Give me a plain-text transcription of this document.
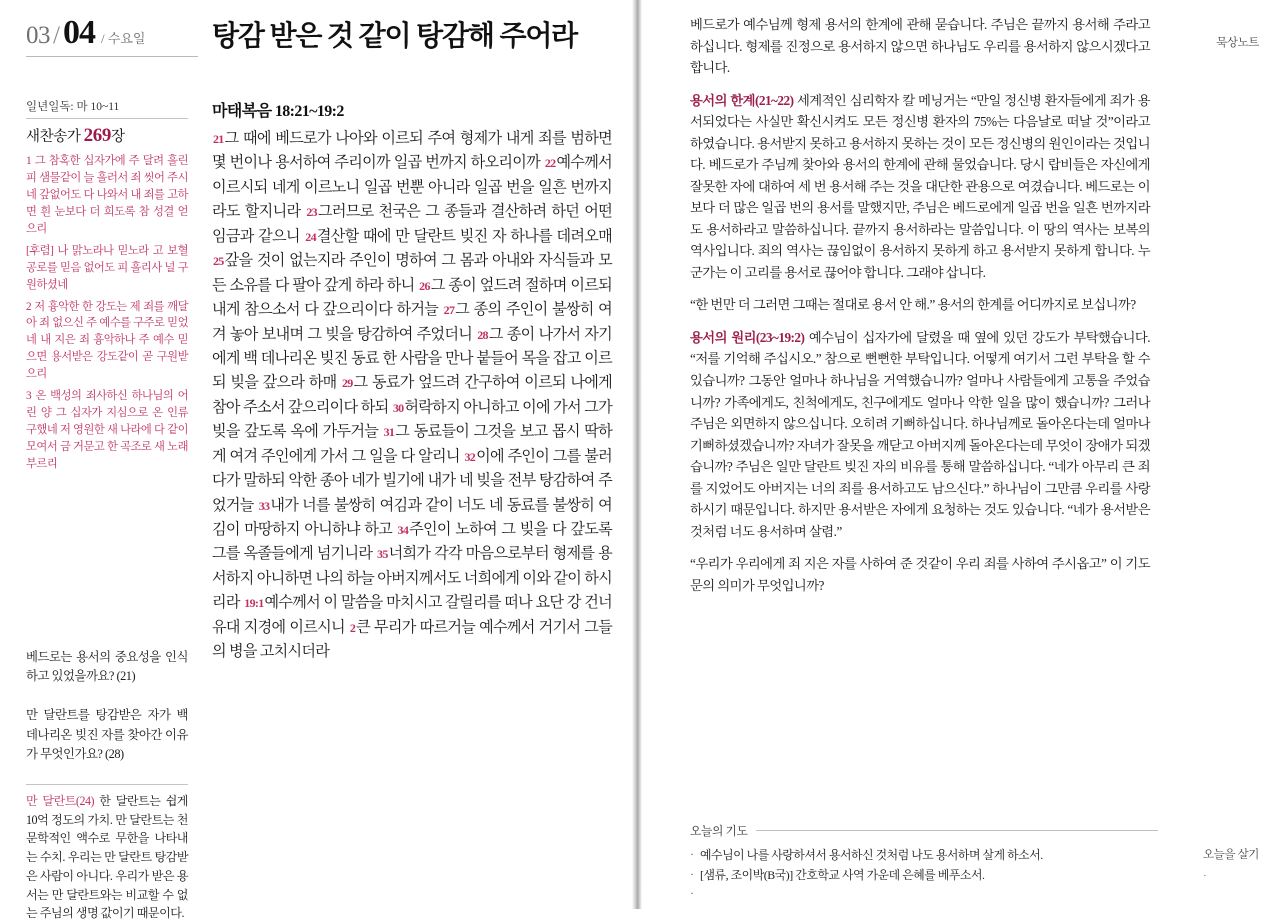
03 / 04 / 수요일 탕감 받은 것 같이 탕감해 주어라
일년일독: 마 10~11
새찬송가 269장
1 그 참혹한 십자가에 주 달려 흘린 피 샘물같이 늘 흘러서 죄 씻어 주시네 갚없어도 다 나와서 내 죄를 고하면 흰 눈보다 더 희도록 참 성결 얻으리
[후렴] 나 맑노라나 믿노라 고 보혈 공로를 믿음 없어도 피 흘리사 널 구원하셨네
2 저 흉악한 한 강도는 제 죄를 깨달아 죄 없으신 주 예수를 구주로 믿었네 내 지은 죄 흉악하나 주 예수 믿으면 용서받은 강도같이 곧 구원받으리
3 온 백성의 죄사하신 하나님의 어린 양 그 십자가 지심으로 온 인류 구했네 저 영원한 새 나라에 다 같이 모여서 금 거문고 한 곡조로 새 노래 부르리
베드로는 용서의 중요성을 인식하고 있었을까요? (21)
만 달란트를 탕감받은 자가 백 데나리온 빚진 자를 찾아간 이유가 무엇인가요? (28)
만 달란트(24) 한 달란트는 쉽게 10억 정도의 가치. 만 달란트는 천문학적인 액수로 무한을 나타내는 수치. 우리는 만 달란트 탕감받은 사람이 아니다. 우리가 받은 용서는 만 달란트와는 비교할 수 없는 주님의 생명 값이기 때문이다.
마태복음 18:21~19:2
21그 때에 베드로가 나아와 이르되 주여 형제가 내게 죄를 범하면 몇 번이나 용서하여 주리이까 일곱 번까지 하오리이까 22예수께서 이르시되 네게 이르노니 일곱 번뿐 아니라 일곱 번을 일흔 번까지라도 할지니라 23그러므로 천국은 그 종들과 결산하려 하던 어떤 임금과 같으니 24결산할 때에 만 달란트 빚진 자 하나를 데려오매 25갚을 것이 없는지라 주인이 명하여 그 몸과 아내와 자식들과 모든 소유를 다 팔아 갚게 하라 하니 26그 종이 엎드려 절하며 이르되 내게 참으소서 다 갚으리이다 하거늘 27그 종의 주인이 불쌍히 여겨 놓아 보내며 그 빚을 탕감하여 주었더니 28그 종이 나가서 자기에게 백 데나리온 빚진 동료 한 사람을 만나 붙들어 목을 잡고 이르되 빚을 갚으라 하매 29그 동료가 엎드려 간구하여 이르되 나에게 참아 주소서 갚으리이다 하되 30허락하지 아니하고 이에 가서 그가 빚을 갚도록 옥에 가두거늘 31그 동료들이 그것을 보고 몹시 딱하게 여겨 주인에게 가서 그 일을 다 알리니 32이에 주인이 그를 불러다가 말하되 악한 종아 네가 빌기에 내가 네 빚을 전부 탕감하여 주었거늘 33내가 너를 불쌍히 여김과 같이 너도 네 동료를 불쌍히 여김이 마땅하지 아니하냐 하고 34주인이 노하여 그 빚을 다 갚도록 그를 옥졸들에게 넘기니라 35너희가 각각 마음으로부터 형제를 용서하지 아니하면 나의 하늘 아버지께서도 너희에게 이와 같이 하시리라 19:1예수께서 이 말씀을 마치시고 갈릴리를 떠나 요단 강 건너 유대 지경에 이르시니 2큰 무리가 따르거늘 예수께서 거기서 그들의 병을 고치시더라
묵상노트
오늘을 살기
·

베드로가 예수님께 형제 용서의 한계에 관해 묻습니다. 주님은 끝까지 용서해 주라고 하십니다. 형제를 진정으로 용서하지 않으면 하나님도 우리를 용서하지 않으시겠다고 합니다.

용서의 한계(21~22) 세계적인 심리학자 칼 메닝거는 “만일 정신병 환자들에게 죄가 용서되었다는 사실만 확신시켜도 모든 정신병 환자의 75%는 다음날로 떠날 것”이라고 하였습니다. 용서받지 못하고 용서하지 못하는 것이 모든 정신병의 원인이라는 것입니다. 베드로가 주님께 찾아와 용서의 한계에 관해 물었습니다. 당시 랍비들은 자신에게 잘못한 자에 대하여 세 번 용서해 주는 것을 대단한 관용으로 여겼습니다. 베드로는 이보다 더 많은 일곱 번의 용서를 말했지만, 주님은 베드로에게 일곱 번을 일흔 번까지라도 용서하라고 말씀하십니다. 끝까지 용서하라는 말씀입니다. 이 땅의 역사는 보복의 역사입니다. 죄의 역사는 끊임없이 용서하지 못하게 하고 용서받지 못하게 합니다. 누군가는 이 고리를 용서로 끊어야 합니다. 그래야 삽니다.

“한 번만 더 그러면 그때는 절대로 용서 안 해.” 용서의 한계를 어디까지로 보십니까?

용서의 원리(23~19:2) 예수님이 십자가에 달렸을 때 옆에 있던 강도가 부탁했습니다. “저를 기억해 주십시오.” 참으로 뻔뻔한 부탁입니다. 어떻게 여기서 그런 부탁을 할 수 있습니까? 그동안 얼마나 하나님을 거역했습니까? 얼마나 사람들에게 고통을 주었습니까? 가족에게도, 친척에게도, 친구에게도 얼마나 악한 일을 많이 했습니까? 그러나 주님은 외면하지 않으십니다. 오히려 기뻐하십니다. 하나님께로 돌아온다는데 얼마나 기뻐하셨겠습니까? 자녀가 잘못을 깨닫고 아버지께 돌아온다는데 무엇이 장애가 되겠습니까? 주님은 일만 달란트 빚진 자의 비유를 통해 말씀하십니다. “네가 아무리 큰 죄를 지었어도 아버지는 너의 죄를 용서하고도 남으신다.” 하나님이 그만큼 우리를 사랑하시기 때문입니다. 하지만 용서받은 자에게 요청하는 것도 있습니다. “네가 용서받은 것처럼 너도 용서하며 살렴.”

“우리가 우리에게 죄 지은 자를 사하여 준 것같이 우리 죄를 사하여 주시옵고” 이 기도문의 의미가 무엇입니까?

오늘의 기도
· 예수님이 나를 사랑하셔서 용서하신 것처럼 나도 용서하며 살게 하소서.
· [샘류, 조이박(B국)] 간호학교 사역 가운데 은혜를 베푸소서.
